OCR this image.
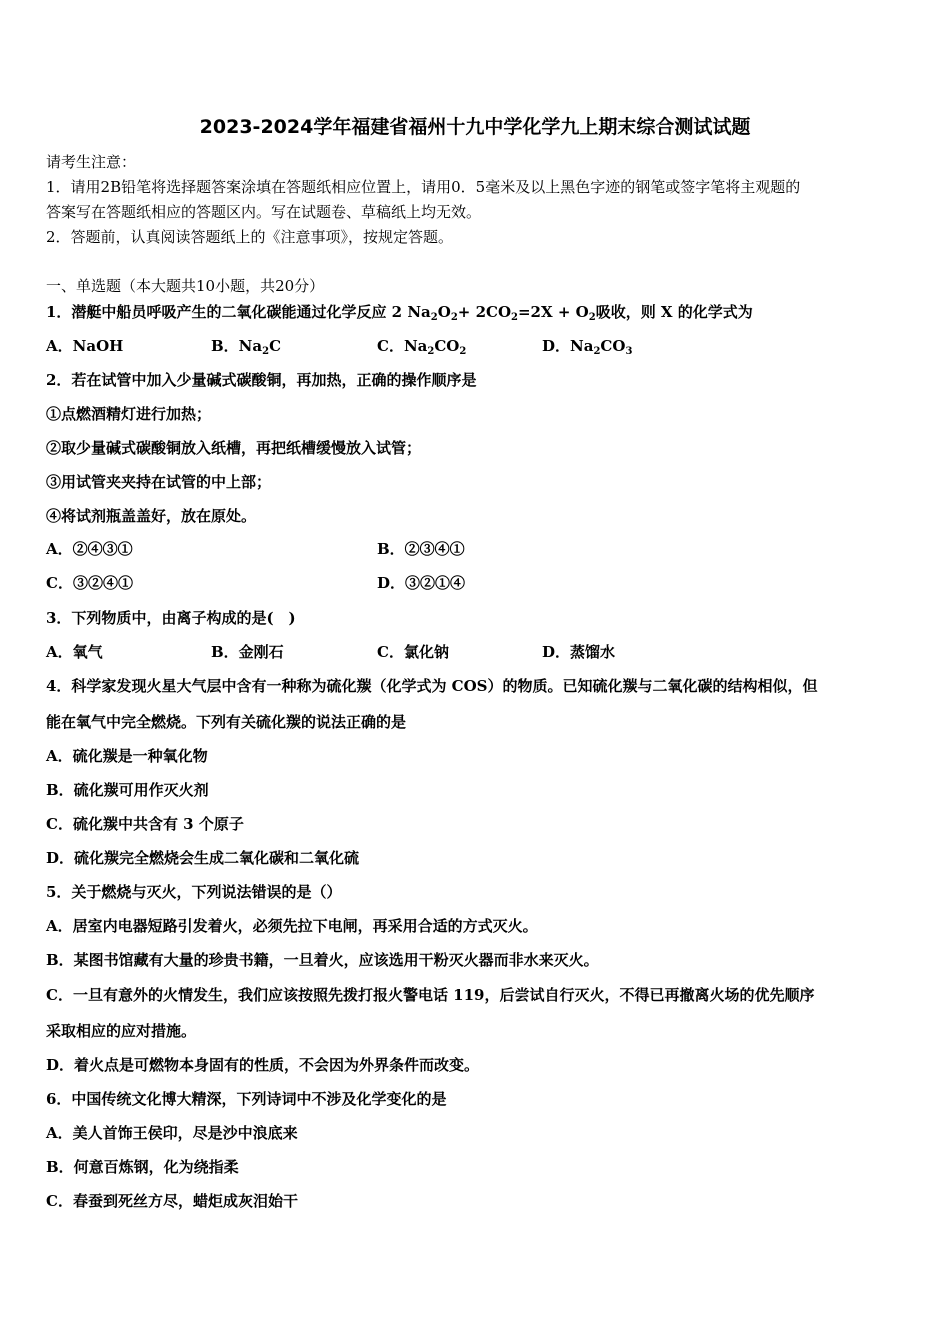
2023-2024学年福建省福州十九中学化学九上期末综合测试试题
请考生注意：
1．请用2B铅笔将选择题答案涂填在答题纸相应位置上，请用0．5毫米及以上黑色字迹的钢笔或签字笔将主观题的
答案写在答题纸相应的答题区内。写在试题卷、草稿纸上均无效。
2．答题前，认真阅读答题纸上的《注意事项》，按规定答题。
一、单选题（本大题共10小题，共20分）
1．潜艇中船员呼吸产生的二氧化碳能通过化学反应 2 $Na_2O_2+ 2CO_2=2X + O_2$吸收，则 X 的化学式为
A．NaOH	B．$Na_2C$	C．$Na_2CO_2$	D．$Na_2CO_3$
2．若在试管中加入少量碱式碳酸铜，再加热，正确的操作顺序是
①点燃酒精灯进行加热；
②取少量碱式碳酸铜放入纸槽，再把纸槽缓慢放入试管；
③用试管夹夹持在试管的中上部；
④将试剂瓶盖盖好，放在原处。
A．②④③①	B．②③④①
C．③②④①	D．③②①④
3．下列物质中，由离子构成的是(　)
A．氧气	B．金刚石	C．氯化钠	D．蒸馏水
4．科学家发现火星大气层中含有一种称为硫化羰（化学式为 COS）的物质。已知硫化羰与二氧化碳的结构相似，但
能在氧气中完全燃烧。下列有关硫化羰的说法正确的是
A．硫化羰是一种氧化物
B．硫化羰可用作灭火剂
C．硫化羰中共含有 3 个原子
D．硫化羰完全燃烧会生成二氧化碳和二氧化硫
5．关于燃烧与灭火，下列说法错误的是（）
A．居室内电器短路引发着火，必须先拉下电闸，再采用合适的方式灭火。
B．某图书馆藏有大量的珍贵书籍，一旦着火，应该选用干粉灭火器而非水来灭火。
C．一旦有意外的火情发生，我们应该按照先拨打报火警电话 119，后尝试自行灭火，不得已再撤离火场的优先顺序
采取相应的应对措施。
D．着火点是可燃物本身固有的性质，不会因为外界条件而改变。
6．中国传统文化博大精深，下列诗词中不涉及化学变化的是
A．美人首饰王侯印，尽是沙中浪底来
B．何意百炼钢，化为绕指柔
C．春蚕到死丝方尽，蜡炬成灰泪始干
